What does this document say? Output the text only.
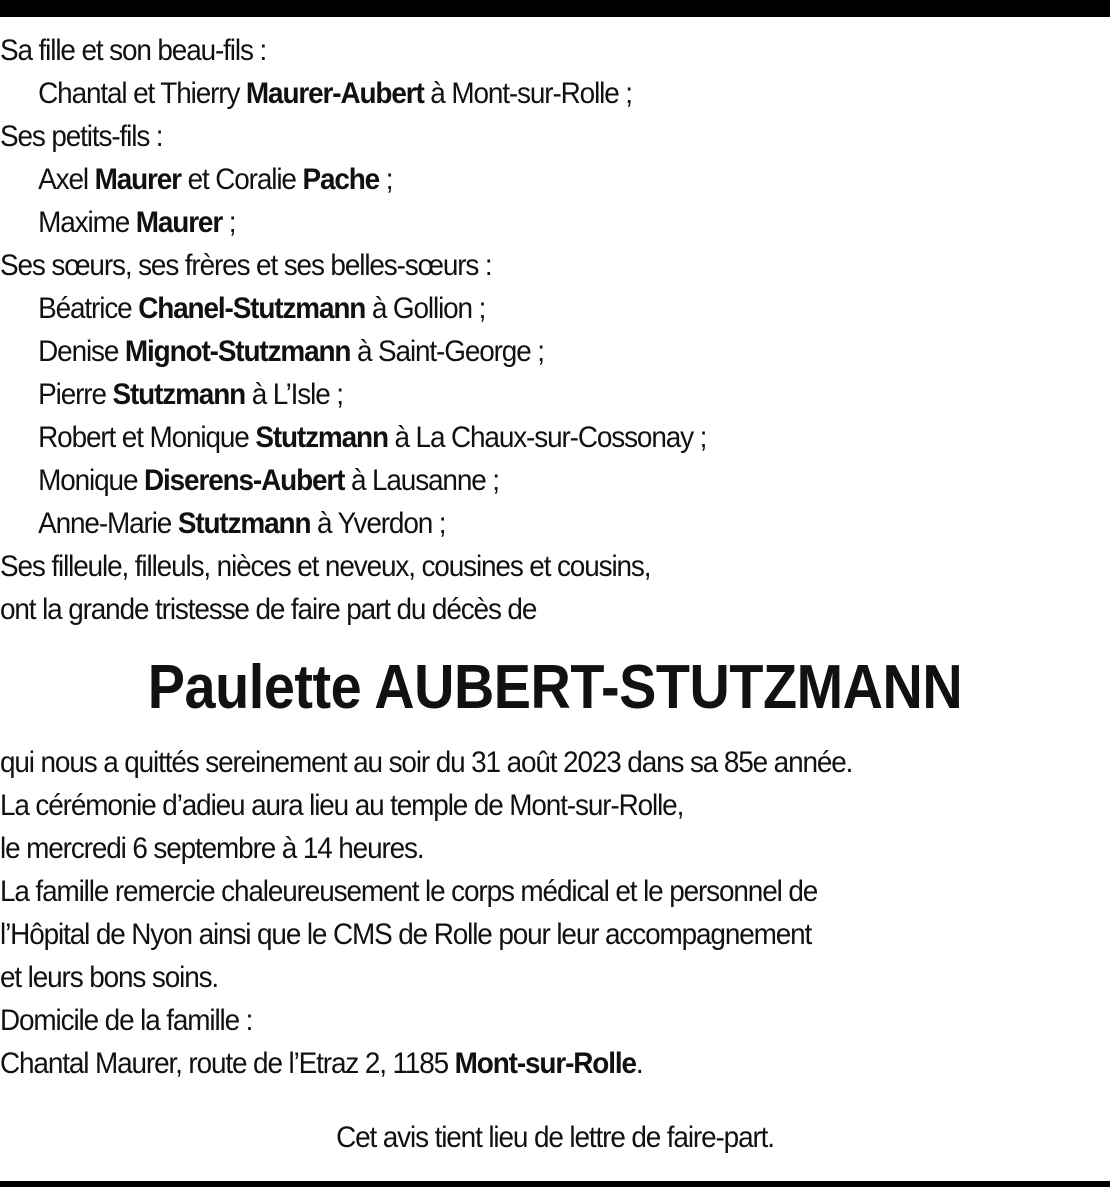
Sa fille et son beau-fils :
Chantal et Thierry Maurer-Aubert à Mont-sur-Rolle ;
Ses petits-fils :
Axel Maurer et Coralie Pache ;
Maxime Maurer ;
Ses sœurs, ses frères et ses belles-sœurs :
Béatrice Chanel-Stutzmann à Gollion ;
Denise Mignot-Stutzmann à Saint-George ;
Pierre Stutzmann à L’Isle ;
Robert et Monique Stutzmann à La Chaux-sur-Cossonay ;
Monique Diserens-Aubert à Lausanne ;
Anne-Marie Stutzmann à Yverdon ;
Ses filleule, filleuls, nièces et neveux, cousines et cousins,
ont la grande tristesse de faire part du décès de
Paulette AUBERT-STUTZMANN
qui nous a quittés sereinement au soir du 31 août 2023 dans sa 85e année.
La cérémonie d’adieu aura lieu au temple de Mont-sur-Rolle,
le mercredi 6 septembre à 14 heures.
La famille remercie chaleureusement le corps médical et le personnel de
l’Hôpital de Nyon ainsi que le CMS de Rolle pour leur accompagnement
et leurs bons soins.
Domicile de la famille :
Chantal Maurer, route de l’Etraz 2, 1185 Mont-sur-Rolle.
Cet avis tient lieu de lettre de faire-part.
